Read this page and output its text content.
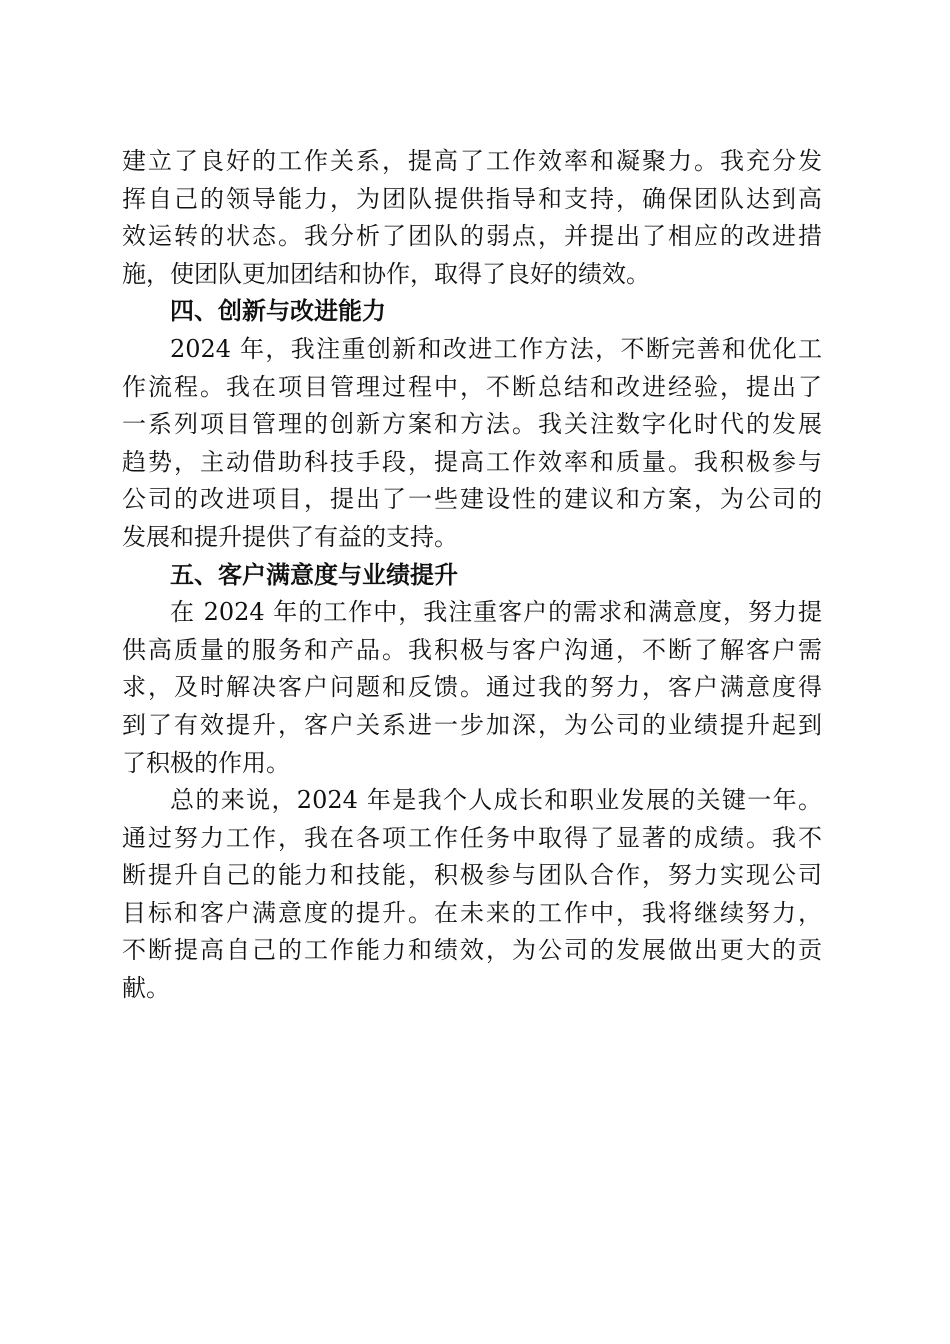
建立了良好的工作关系，提高了工作效率和凝聚力。我充分发
挥自己的领导能力，为团队提供指导和支持，确保团队达到高
效运转的状态。我分析了团队的弱点，并提出了相应的改进措
施，使团队更加团结和协作，取得了良好的绩效。
四、创新与改进能力
2024 年，我注重创新和改进工作方法，不断完善和优化工
作流程。我在项目管理过程中，不断总结和改进经验，提出了
一系列项目管理的创新方案和方法。我关注数字化时代的发展
趋势，主动借助科技手段，提高工作效率和质量。我积极参与
公司的改进项目，提出了一些建设性的建议和方案，为公司的
发展和提升提供了有益的支持。
五、客户满意度与业绩提升
在 2024 年的工作中，我注重客户的需求和满意度，努力提
供高质量的服务和产品。我积极与客户沟通，不断了解客户需
求，及时解决客户问题和反馈。通过我的努力，客户满意度得
到了有效提升，客户关系进一步加深，为公司的业绩提升起到
了积极的作用。
总的来说，2024 年是我个人成长和职业发展的关键一年。
通过努力工作，我在各项工作任务中取得了显著的成绩。我不
断提升自己的能力和技能，积极参与团队合作，努力实现公司
目标和客户满意度的提升。在未来的工作中，我将继续努力，
不断提高自己的工作能力和绩效，为公司的发展做出更大的贡
献。
